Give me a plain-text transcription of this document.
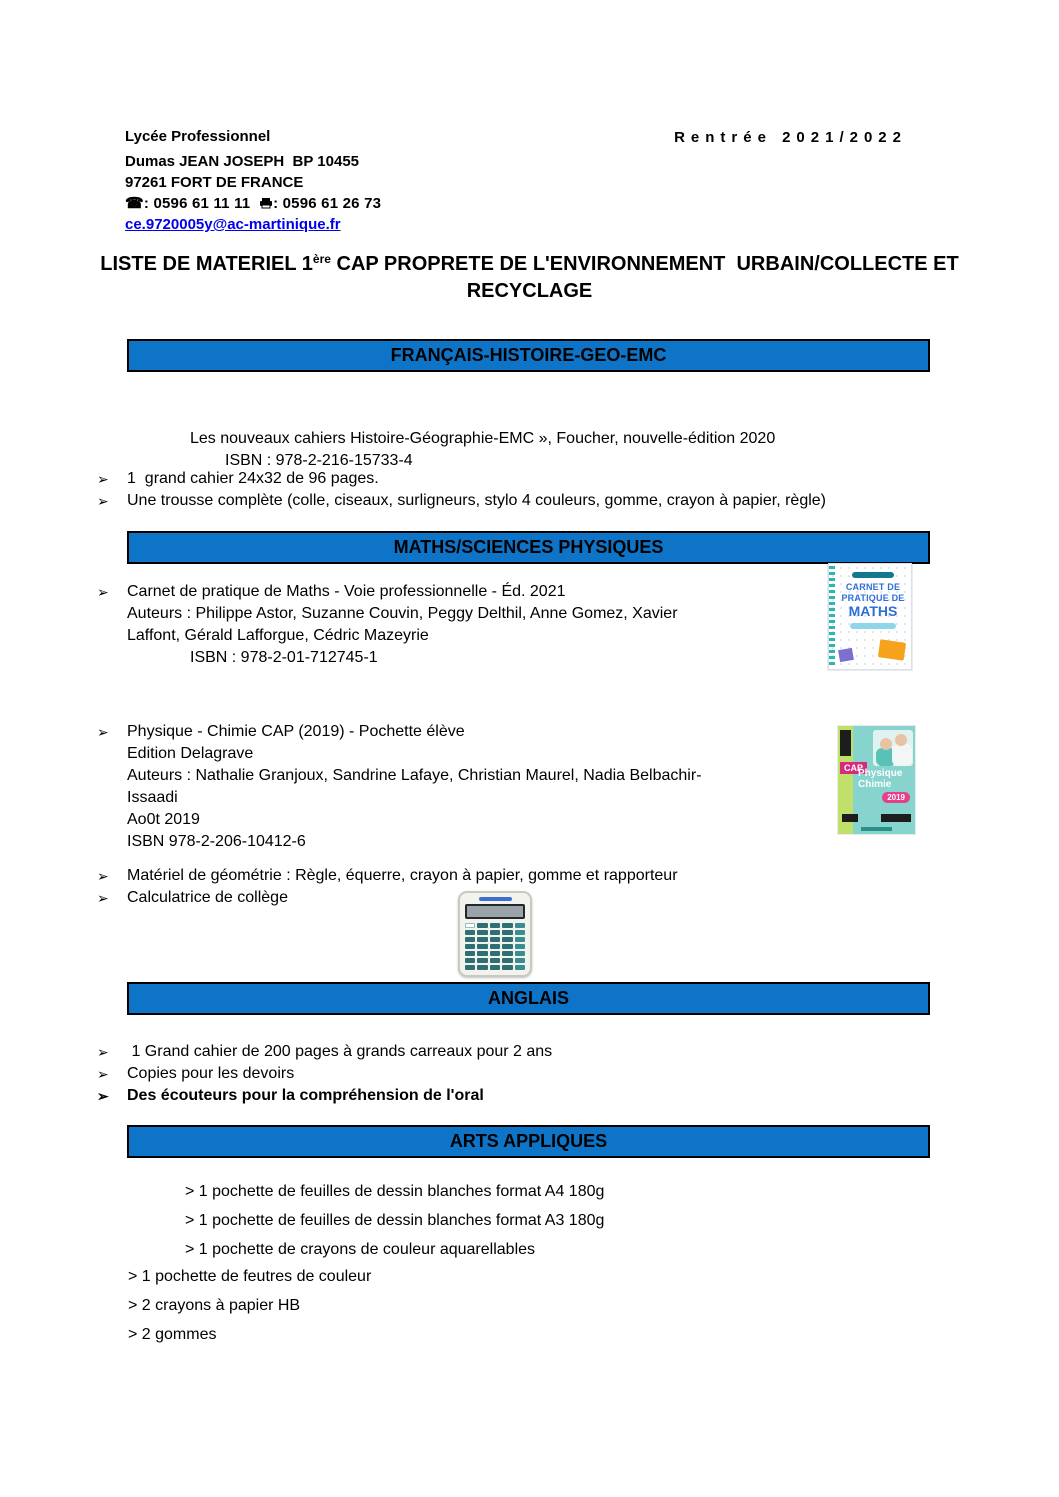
Lycée Professionnel
Dumas JEAN JOSEPH  BP 10455
97261 FORT DE FRANCE
☎: 0596 61 11 11  : 0596 61 26 73
ce.9720005y@ac-martinique.fr
Rentrée 2021/2022
LISTE DE MATERIEL 1ère CAP PROPRETE DE L'ENVIRONNEMENT  URBAIN/COLLECTE ET
RECYCLAGE
FRANÇAIS-HISTOIRE-GEO-EMC
Les nouveaux cahiers Histoire-Géographie-EMC », Foucher, nouvelle-édition 2020
ISBN : 978-2-216-15733-4
➢	1  grand cahier 24x32 de 96 pages.
➢	Une trousse complète (colle, ciseaux, surligneurs, stylo 4 couleurs, gomme, crayon à papier, règle)
MATHS/SCIENCES PHYSIQUES
➢	Carnet de pratique de Maths - Voie professionnelle - Éd. 2021
Auteurs : Philippe Astor, Suzanne Couvin, Peggy Delthil, Anne Gomez, Xavier
Laffont, Gérald Lafforgue, Cédric Mazeyrie
ISBN : 978-2-01-712745-1
CARNET DE
PRATIQUE DE
MATHS
➢	Physique - Chimie CAP (2019) - Pochette élève
Edition Delagrave
Auteurs : Nathalie Granjoux, Sandrine Lafaye, Christian Maurel, Nadia Belbachir-
Issaadi
Ao0t 2019
ISBN 978-2-206-10412-6
CAP
Physique
Chimie
2019
➢	Matériel de géométrie : Règle, équerre, crayon à papier, gomme et rapporteur
➢	Calculatrice de collège
ANGLAIS
➢	1 Grand cahier de 200 pages à grands carreaux pour 2 ans
➢	Copies pour les devoirs
➢	Des écouteurs pour la compréhension de l'oral
ARTS APPLIQUES
> 1 pochette de feuilles de dessin blanches format A4 180g
> 1 pochette de feuilles de dessin blanches format A3 180g
> 1 pochette de crayons de couleur aquarellables
> 1 pochette de feutres de couleur
> 2 crayons à papier HB
> 2 gommes
